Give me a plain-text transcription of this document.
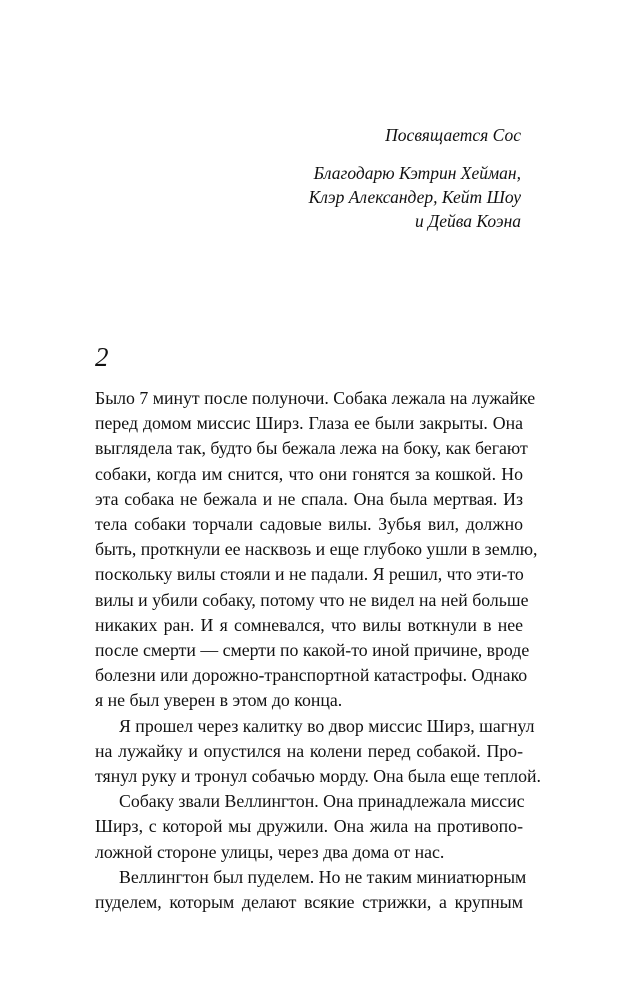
Посвящается Сос
Благодарю Кэтрин Хейман,
Клэр Александер, Кейт Шоу
и Дейва Коэна
2
Было 7 минут после полуночи. Собака лежала на лужайке
перед домом миссис Ширз. Глаза ее были закрыты. Она
выглядела так, будто бы бежала лежа на боку, как бегают
собаки, когда им снится, что они гонятся за кошкой. Но
эта собака не бежала и не спала. Она была мертвая. Из
тела собаки торчали садовые вилы. Зубья вил, должно
быть, проткнули ее насквозь и еще глубоко ушли в землю,
поскольку вилы стояли и не падали. Я решил, что эти-то
вилы и убили собаку, потому что не видел на ней больше
никаких ран. И я сомневался, что вилы воткнули в нее
после смерти — смерти по какой-то иной причине, вроде
болезни или дорожно-транспортной катастрофы. Однако
я не был уверен в этом до конца.
Я прошел через калитку во двор миссис Ширз, шагнул
на лужайку и опустился на колени перед собакой. Про-
тянул руку и тронул собачью морду. Она была еще теплой.
Собаку звали Веллингтон. Она принадлежала миссис
Ширз, с которой мы дружили. Она жила на противопо-
ложной стороне улицы, через два дома от нас.
Веллингтон был пуделем. Но не таким миниатюрным
пуделем, которым делают всякие стрижки, а крупным
